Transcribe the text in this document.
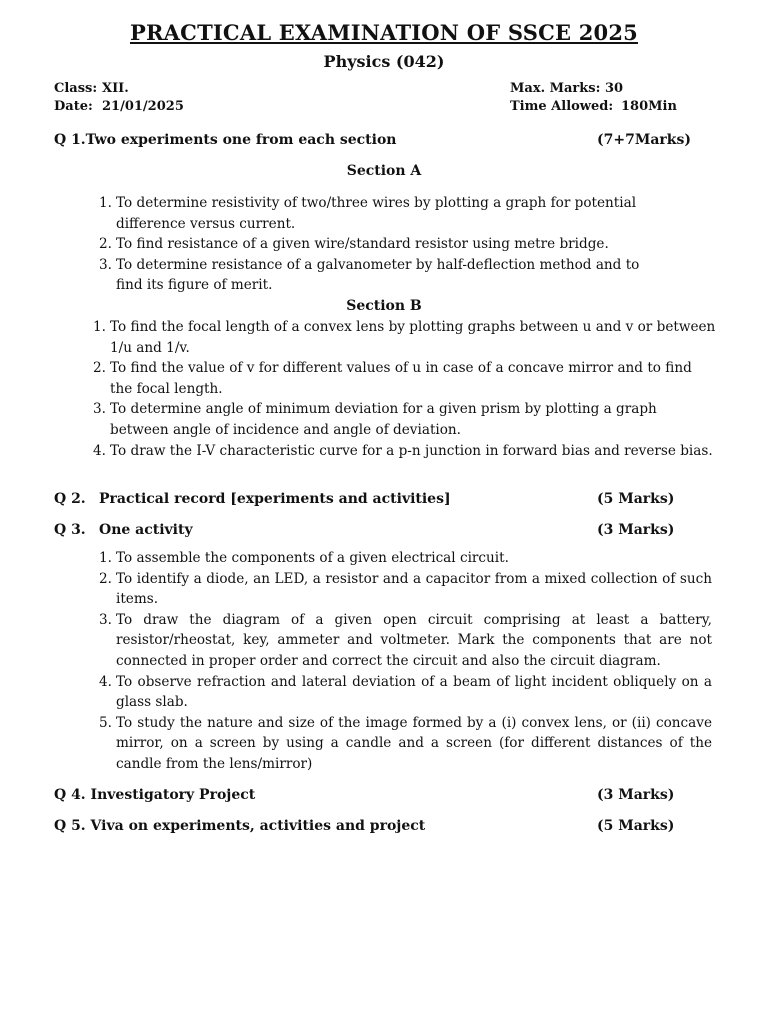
PRACTICAL EXAMINATION OF SSCE 2025
Physics (042)
Class: XII.
Date: 21/01/2025
Max. Marks: 30
Time Allowed: 180Min
Q 1.Two experiments one from each section	(7+7Marks)
Section A
1. To determine resistivity of two/three wires by plotting a graph for potential difference versus current.
2. To find resistance of a given wire/standard resistor using metre bridge.
3. To determine resistance of a galvanometer by half-deflection method and to find its figure of merit.
Section B
1. To find the focal length of a convex lens by plotting graphs between u and v or between 1/u and 1/v.
2. To find the value of v for different values of u in case of a concave mirror and to find the focal length.
3. To determine angle of minimum deviation for a given prism by plotting a graph between angle of incidence and angle of deviation.
4. To draw the I-V characteristic curve for a p-n junction in forward bias and reverse bias.
Q 2. Practical record [experiments and activities]	(5 Marks)
Q 3. One activity	(3 Marks)
1. To assemble the components of a given electrical circuit.
2. To identify a diode, an LED, a resistor and a capacitor from a mixed collection of such items.
3. To draw the diagram of a given open circuit comprising at least a battery, resistor/rheostat, key, ammeter and voltmeter. Mark the components that are not connected in proper order and correct the circuit and also the circuit diagram.
4. To observe refraction and lateral deviation of a beam of light incident obliquely on a glass slab.
5. To study the nature and size of the image formed by a (i) convex lens, or (ii) concave mirror, on a screen by using a candle and a screen (for different distances of the candle from the lens/mirror)
Q 4. Investigatory Project	(3 Marks)
Q 5. Viva on experiments, activities and project	(5 Marks)
